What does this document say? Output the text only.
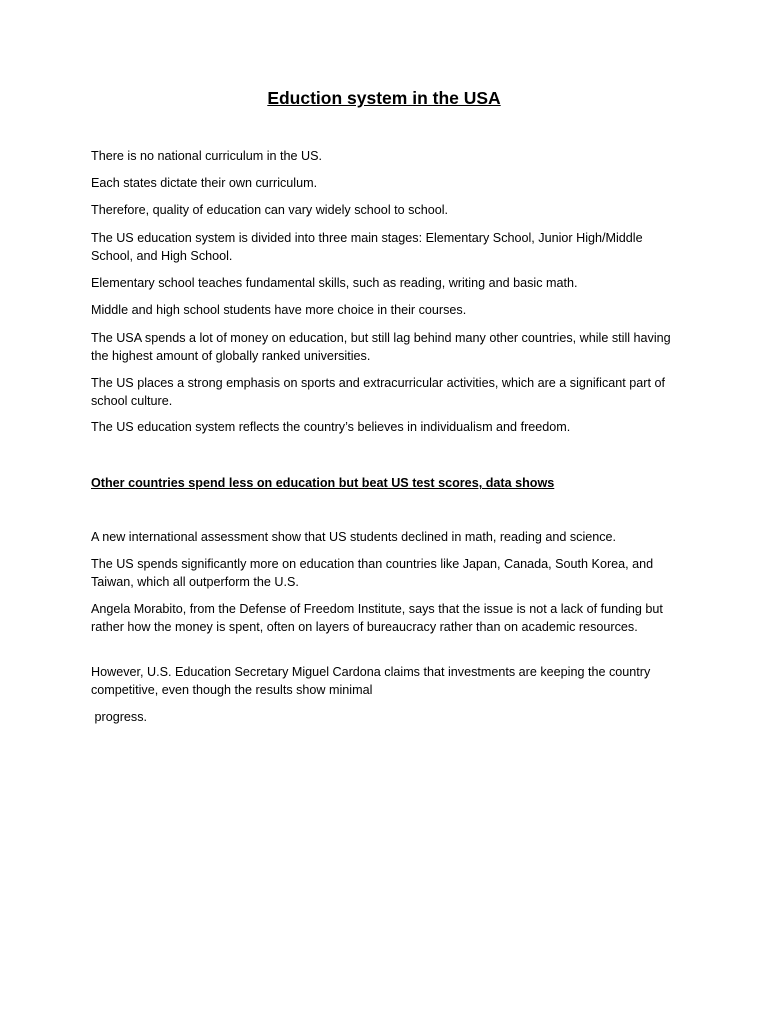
Eduction system in the USA

There is no national curriculum in the US.

Each states dictate their own curriculum.

Therefore, quality of education can vary widely school to school.

The US education system is divided into three main stages: Elementary School, Junior High/Middle School, and High School.

Elementary school teaches fundamental skills, such as reading, writing and basic math.

Middle and high school students have more choice in their courses.

The USA spends a lot of money on education, but still lag behind many other countries, while still having the highest amount of globally ranked universities.

The US places a strong emphasis on sports and extracurricular activities, which are a significant part of school culture.

The US education system reflects the country’s believes in individualism and freedom.

Other countries spend less on education but beat US test scores, data shows

A new international assessment show that US students declined in math, reading and science.

The US spends significantly more on education than countries like Japan, Canada, South Korea, and Taiwan, which all outperform the U.S.

Angela Morabito, from the Defense of Freedom Institute, says that the issue is not a lack of funding but rather how the money is spent, often on layers of bureaucracy rather than on academic resources.

However, U.S. Education Secretary Miguel Cardona claims that investments are keeping the country competitive, even though the results show minimal

progress.
